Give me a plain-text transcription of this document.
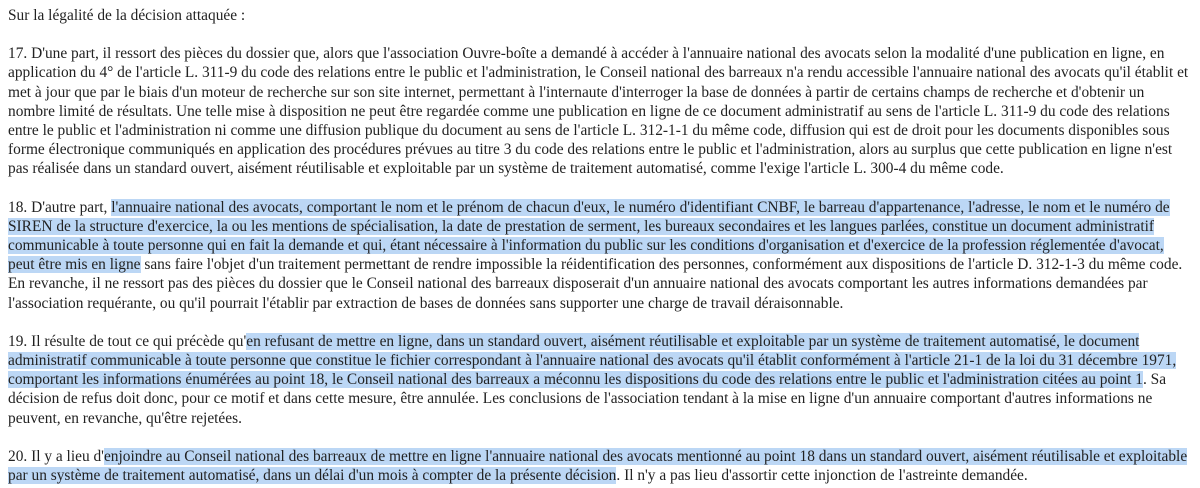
Sur la légalité de la décision attaquée :

17. D'une part, il ressort des pièces du dossier que, alors que l'association Ouvre-boîte a demandé à accéder à l'annuaire national des avocats selon la modalité d'une publication en ligne, en application du 4° de l'article L. 311-9 du code des relations entre le public et l'administration, le Conseil national des barreaux n'a rendu accessible l'annuaire national des avocats qu'il établit et met à jour que par le biais d'un moteur de recherche sur son site internet, permettant à l'internaute d'interroger la base de données à partir de certains champs de recherche et d'obtenir un nombre limité de résultats. Une telle mise à disposition ne peut être regardée comme une publication en ligne de ce document administratif au sens de l'article L. 311-9 du code des relations entre le public et l'administration ni comme une diffusion publique du document au sens de l'article L. 312-1-1 du même code, diffusion qui est de droit pour les documents disponibles sous forme électronique communiqués en application des procédures prévues au titre 3 du code des relations entre le public et l'administration, alors au surplus que cette publication en ligne n'est pas réalisée dans un standard ouvert, aisément réutilisable et exploitable par un système de traitement automatisé, comme l'exige l'article L. 300-4 du même code.

18. D'autre part, l'annuaire national des avocats, comportant le nom et le prénom de chacun d'eux, le numéro d'identifiant CNBF, le barreau d'appartenance, l'adresse, le nom et le numéro de SIREN de la structure d'exercice, la ou les mentions de spécialisation, la date de prestation de serment, les bureaux secondaires et les langues parlées, constitue un document administratif communicable à toute personne qui en fait la demande et qui, étant nécessaire à l'information du public sur les conditions d'organisation et d'exercice de la profession réglementée d'avocat, peut être mis en ligne sans faire l'objet d'un traitement permettant de rendre impossible la réidentification des personnes, conformément aux dispositions de l'article D. 312-1-3 du même code. En revanche, il ne ressort pas des pièces du dossier que le Conseil national des barreaux disposerait d'un annuaire national des avocats comportant les autres informations demandées par l'association requérante, ou qu'il pourrait l'établir par extraction de bases de données sans supporter une charge de travail déraisonnable.

19. Il résulte de tout ce qui précède qu'en refusant de mettre en ligne, dans un standard ouvert, aisément réutilisable et exploitable par un système de traitement automatisé, le document administratif communicable à toute personne que constitue le fichier correspondant à l'annuaire national des avocats qu'il établit conformément à l'article 21-1 de la loi du 31 décembre 1971, comportant les informations énumérées au point 18, le Conseil national des barreaux a méconnu les dispositions du code des relations entre le public et l'administration citées au point 1. Sa décision de refus doit donc, pour ce motif et dans cette mesure, être annulée. Les conclusions de l'association tendant à la mise en ligne d'un annuaire comportant d'autres informations ne peuvent, en revanche, qu'être rejetées.

20. Il y a lieu d'enjoindre au Conseil national des barreaux de mettre en ligne l'annuaire national des avocats mentionné au point 18 dans un standard ouvert, aisément réutilisable et exploitable par un système de traitement automatisé, dans un délai d'un mois à compter de la présente décision. Il n'y a pas lieu d'assortir cette injonction de l'astreinte demandée.
